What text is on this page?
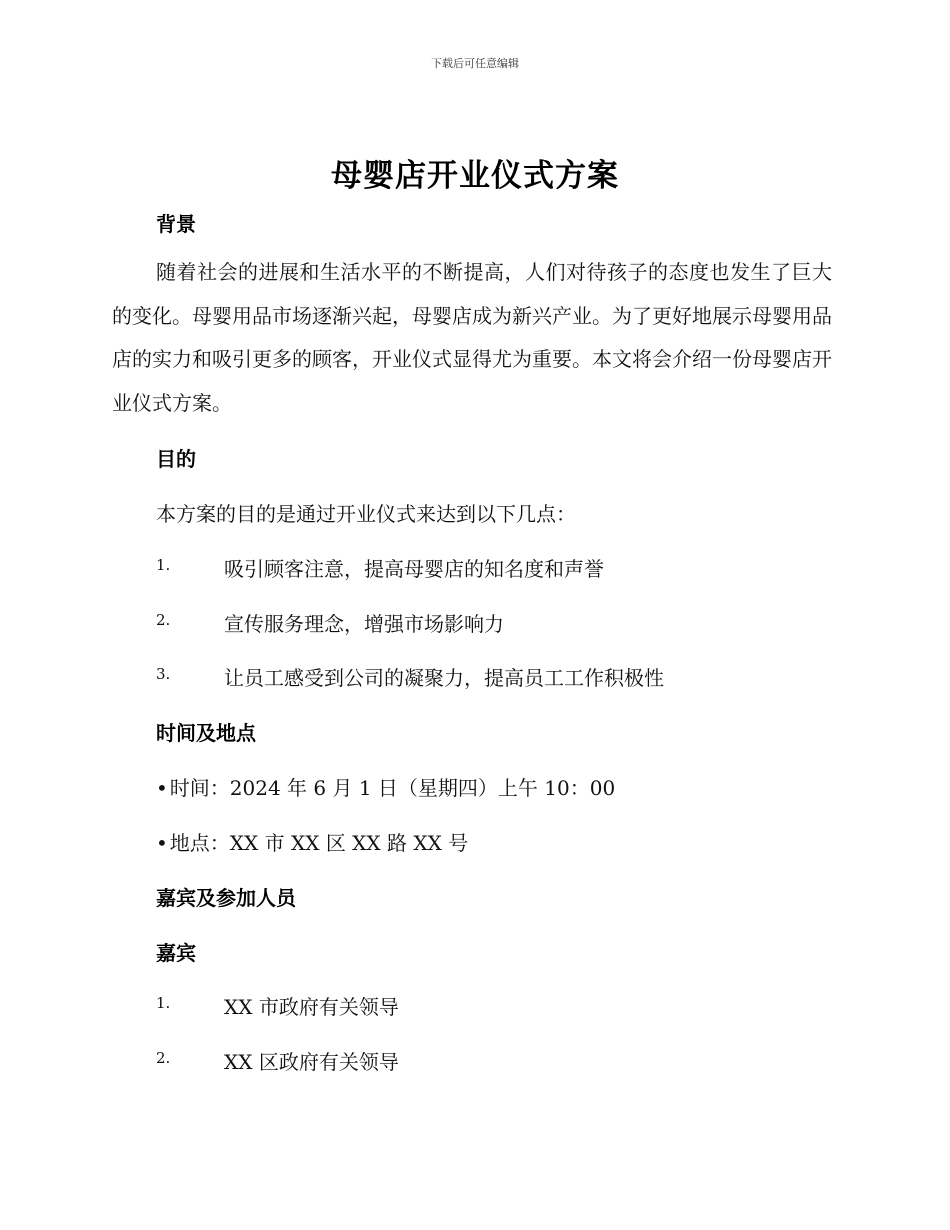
下载后可任意编辑
母婴店开业仪式方案
背景
随着社会的进展和生活水平的不断提高，人们对待孩子的态度也发生了巨大的变化。母婴用品市场逐渐兴起，母婴店成为新兴产业。为了更好地展示母婴用品店的实力和吸引更多的顾客，开业仪式显得尤为重要。本文将会介绍一份母婴店开业仪式方案。
目的
本方案的目的是通过开业仪式来达到以下几点：
1.	吸引顾客注意，提高母婴店的知名度和声誉
2.	宣传服务理念，增强市场影响力
3.	让员工感受到公司的凝聚力，提高员工工作积极性
时间及地点
• 时间：2024 年 6 月 1 日（星期四）上午 10：00
• 地点：XX 市 XX 区 XX 路 XX 号
嘉宾及参加人员
嘉宾
1.	XX 市政府有关领导
2.	XX 区政府有关领导
